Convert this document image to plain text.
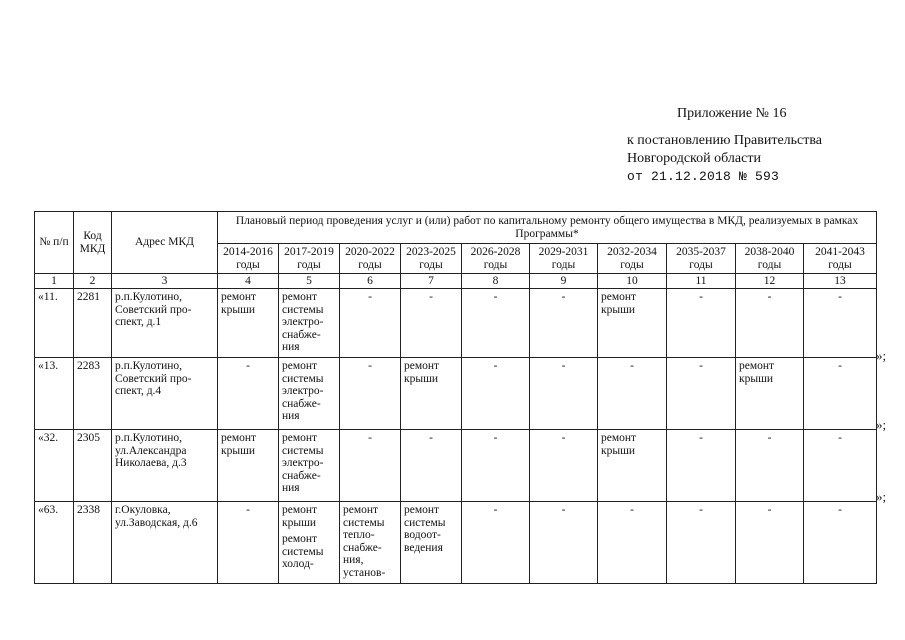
Приложение № 16
к постановлению Правительства
Новгородской области
от 21.12.2018 № 593
№ п/п	Код МКД	Адрес МКД	Плановый период проведения услуг и (или) работ по капитальному ремонту общего имущества в МКД, реализуемых в рамках Программы*									
			2014-2016 годы	2017-2019 годы	2020-2022 годы	2023-2025 годы	2026-2028 годы	2029-2031 годы	2032-2034 годы	2035-2037 годы	2038-2040 годы	2041-2043 годы
1	2	3	4	5	6	7	8	9	10	11	12	13
«11.	2281	р.п.Кулотино, Советский про-спект, д.1	ремонт крыши	ремонт системы электро-снабже-ния	-	-	-	-	ремонт крыши	-	-	-
«13.	2283	р.п.Кулотино, Советский про-спект, д.4	-	ремонт системы электро-снабже-ния	-	ремонт крыши	-	-	-	-	ремонт крыши	-
«32.	2305	р.п.Кулотино, ул.Александра Николаева, д.3	ремонт крыши	ремонт системы электро-снабже-ния	-	-	-	-	ремонт крыши	-	-	-
«63.	2338	г.Окуловка, ул.Заводская, д.6	-	ремонт крыши
ремонт системы холод-	ремонт системы тепло-снабже-ния, установ-	ремонт системы водоот-ведения	-	-	-	-	-	-
»;
»;
»;
